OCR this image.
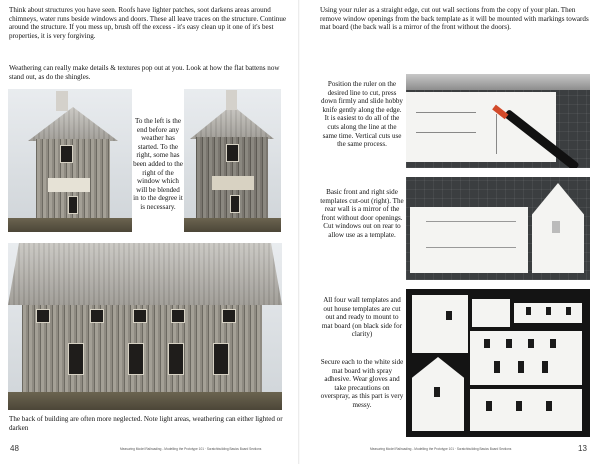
Think about structures you have seen. Roofs have lighter patches, soot darkens areas around chimneys, water runs beside windows and doors. These all leave traces on the structure. Continue around the structure. If you mess up, brush off the excess - it's easy clean up it one of it's best properties, it is very forgiving.

Weathering can really make details & textures pop out at you. Look at how the flat battens now stand out, as do the shingles.

To the left is the end before any weather has started. To the right, some has been added to the right of the window which will be blended in to the degree it is necessary.

The back of building are often more neglected. Note light areas, weathering can either lighted or darken

48	Measuring Model Railroading - Modelling the Prototype 101 · Scratchbuilding Basics Board Sections

Using your ruler as a straight edge, cut out wall sections from the copy of your plan. Then remove window openings from the back template as it will be mounted with markings towards mat board (the back wall is a mirror of the front without the doors).

Position the ruler on the desired line to cut, press down firmly and slide hobby knife gently along the edge. It is easiest to do all of the cuts along the line at the same time. Vertical cuts use the same process.

Basic front and right side templates cut-out (right). The rear wall is a mirror of the front without door openings. Cut windows out on rear to allow use as a template.

All four wall templates and out house templates are cut out and ready to mount to mat board (on black side for clarity)

Secure each to the white side mat board with spray adhesive. Wear gloves and take precautions on overspray, as this part is very messy.

Measuring Model Railroading - Modelling the Prototype 101 · Scratchbuilding Basics Board Sections	13
